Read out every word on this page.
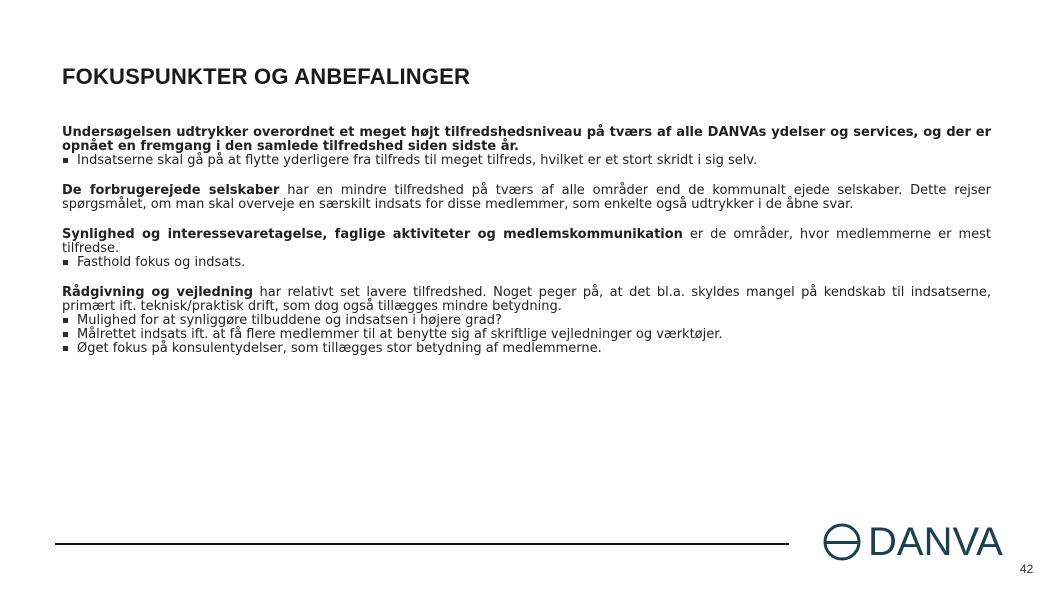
FOKUSPUNKTER OG ANBEFALINGER
Undersøgelsen udtrykker overordnet et meget højt tilfredshedsniveau på tværs af alle DANVAs ydelser og services, og der er opnået en fremgang i den samlede tilfredshed siden sidste år.
Indsatserne skal gå på at flytte yderligere fra tilfreds til meget tilfreds, hvilket er et stort skridt i sig selv.
De forbrugerejede selskaber har en mindre tilfredshed på tværs af alle områder end de kommunalt ejede selskaber. Dette rejser spørgsmålet, om man skal overveje en særskilt indsats for disse medlemmer, som enkelte også udtrykker i de åbne svar.
Synlighed og interessevaretagelse, faglige aktiviteter og medlemskommunikation er de områder, hvor medlemmerne er mest tilfredse.
Fasthold fokus og indsats.
Rådgivning og vejledning har relativt set lavere tilfredshed. Noget peger på, at det bl.a. skyldes mangel på kendskab til indsatserne, primært ift. teknisk/praktisk drift, som dog også tillægges mindre betydning.
Mulighed for at synliggøre tilbuddene og indsatsen i højere grad?
Målrettet indsats ift. at få flere medlemmer til at benytte sig af skriftlige vejledninger og værktøjer.
Øget fokus på konsulentydelser, som tillægges stor betydning af medlemmerne.
DANVA
42
